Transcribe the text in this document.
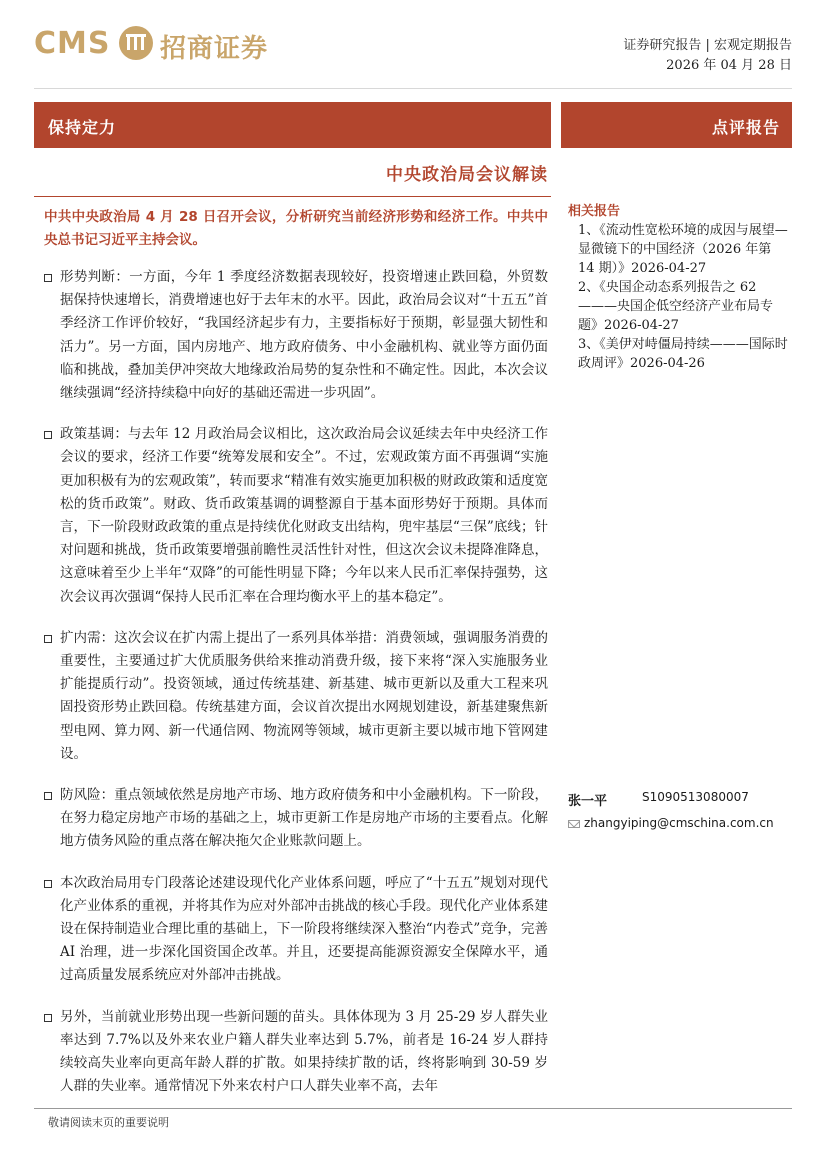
CMS 招商证券	证券研究报告 | 宏观定期报告
2026 年 04 月 28 日
保持定力	点评报告
中央政治局会议解读
中共中央政治局 4 月 28 日召开会议，分析研究当前经济形势和经济工作。中共中央总书记习近平主持会议。
形势判断：一方面，今年 1 季度经济数据表现较好，投资增速止跌回稳，外贸数据保持快速增长，消费增速也好于去年末的水平。因此，政治局会议对“十五五”首季经济工作评价较好，“我国经济起步有力，主要指标好于预期，彰显强大韧性和活力”。另一方面，国内房地产、地方政府债务、中小金融机构、就业等方面仍面临和挑战，叠加美伊冲突故大地缘政治局势的复杂性和不确定性。因此，本次会议继续强调“经济持续稳中向好的基础还需进一步巩固”。
政策基调：与去年 12 月政治局会议相比，这次政治局会议延续去年中央经济工作会议的要求，经济工作要“统筹发展和安全”。不过，宏观政策方面不再强调“实施更加积极有为的宏观政策”，转而要求“精准有效实施更加积极的财政政策和适度宽松的货币政策”。财政、货币政策基调的调整源自于基本面形势好于预期。具体而言，下一阶段财政政策的重点是持续优化财政支出结构，兜牢基层“三保”底线；针对问题和挑战，货币政策要增强前瞻性灵活性针对性，但这次会议未提降准降息，这意味着至少上半年“双降”的可能性明显下降；今年以来人民币汇率保持强势，这次会议再次强调“保持人民币汇率在合理均衡水平上的基本稳定”。
扩内需：这次会议在扩内需上提出了一系列具体举措：消费领域，强调服务消费的重要性，主要通过扩大优质服务供给来推动消费升级，接下来将“深入实施服务业扩能提质行动”。投资领域，通过传统基建、新基建、城市更新以及重大工程来巩固投资形势止跌回稳。传统基建方面，会议首次提出水网规划建设，新基建聚焦新型电网、算力网、新一代通信网、物流网等领域，城市更新主要以城市地下管网建设。
防风险：重点领域依然是房地产市场、地方政府债务和中小金融机构。下一阶段，在努力稳定房地产市场的基础之上，城市更新工作是房地产市场的主要看点。化解地方债务风险的重点落在解决拖欠企业账款问题上。
本次政治局用专门段落论述建设现代化产业体系问题，呼应了“十五五”规划对现代化产业体系的重视，并将其作为应对外部冲击挑战的核心手段。现代化产业体系建设在保持制造业合理比重的基础上，下一阶段将继续深入整治“内卷式”竞争，完善 AI 治理，进一步深化国资国企改革。并且，还要提高能源资源安全保障水平，通过高质量发展系统应对外部冲击挑战。
另外，当前就业形势出现一些新问题的苗头。具体体现为 3 月 25-29 岁人群失业率达到 7.7%以及外来农业户籍人群失业率达到 5.7%，前者是 16-24 岁人群持续较高失业率向更高年龄人群的扩散。如果持续扩散的话，终将影响到 30-59 岁人群的失业率。通常情况下外来农村户口人群失业率不高，去年
相关报告
1、《流动性宽松环境的成因与展望—显微镜下的中国经济（2026 年第 14 期）》2026-04-27
2、《央国企动态系列报告之 62———央国企低空经济产业布局专题》2026-04-27
3、《美伊对峙僵局持续———国际时政周评》2026-04-26
张一平	S1090513080007
zhangyiping@cmschina.com.cn
敬请阅读末页的重要说明
